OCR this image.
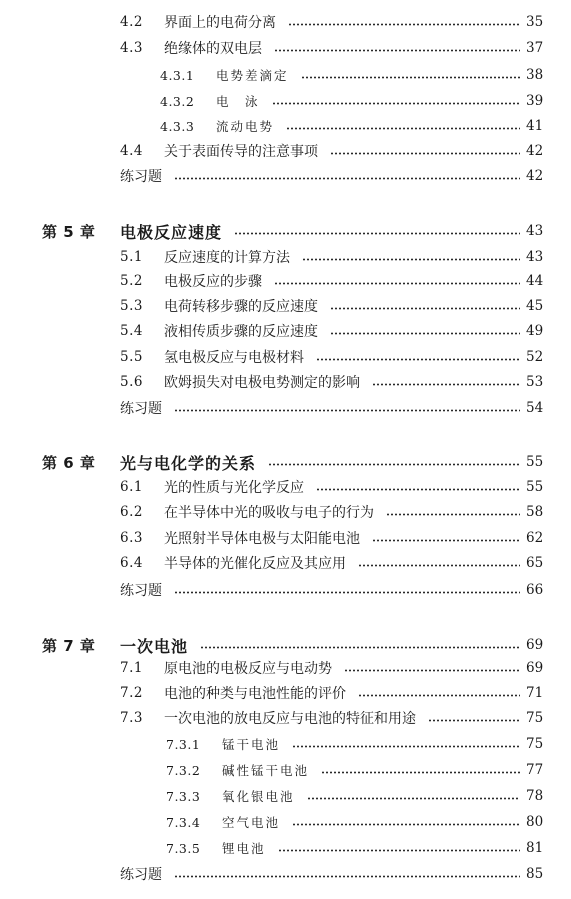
4.2	界面上的电荷分离	35
4.3	绝缘体的双电层	37
4.3.1	电势差滴定	38
4.3.2	电　泳	39
4.3.3	流动电势	41
4.4	关于表面传导的注意事项	42
练习题	42
第 5 章	电极反应速度	43
5.1	反应速度的计算方法	43
5.2	电极反应的步骤	44
5.3	电荷转移步骤的反应速度	45
5.4	液相传质步骤的反应速度	49
5.5	氢电极反应与电极材料	52
5.6	欧姆损失对电极电势测定的影响	53
练习题	54
第 6 章	光与电化学的关系	55
6.1	光的性质与光化学反应	55
6.2	在半导体中光的吸收与电子的行为	58
6.3	光照射半导体电极与太阳能电池	62
6.4	半导体的光催化反应及其应用	65
练习题	66
第 7 章	一次电池	69
7.1	原电池的电极反应与电动势	69
7.2	电池的种类与电池性能的评价	71
7.3	一次电池的放电反应与电池的特征和用途	75
7.3.1	锰干电池	75
7.3.2	碱性锰干电池	77
7.3.3	氧化银电池	78
7.3.4	空气电池	80
7.3.5	锂电池	81
练习题	85
